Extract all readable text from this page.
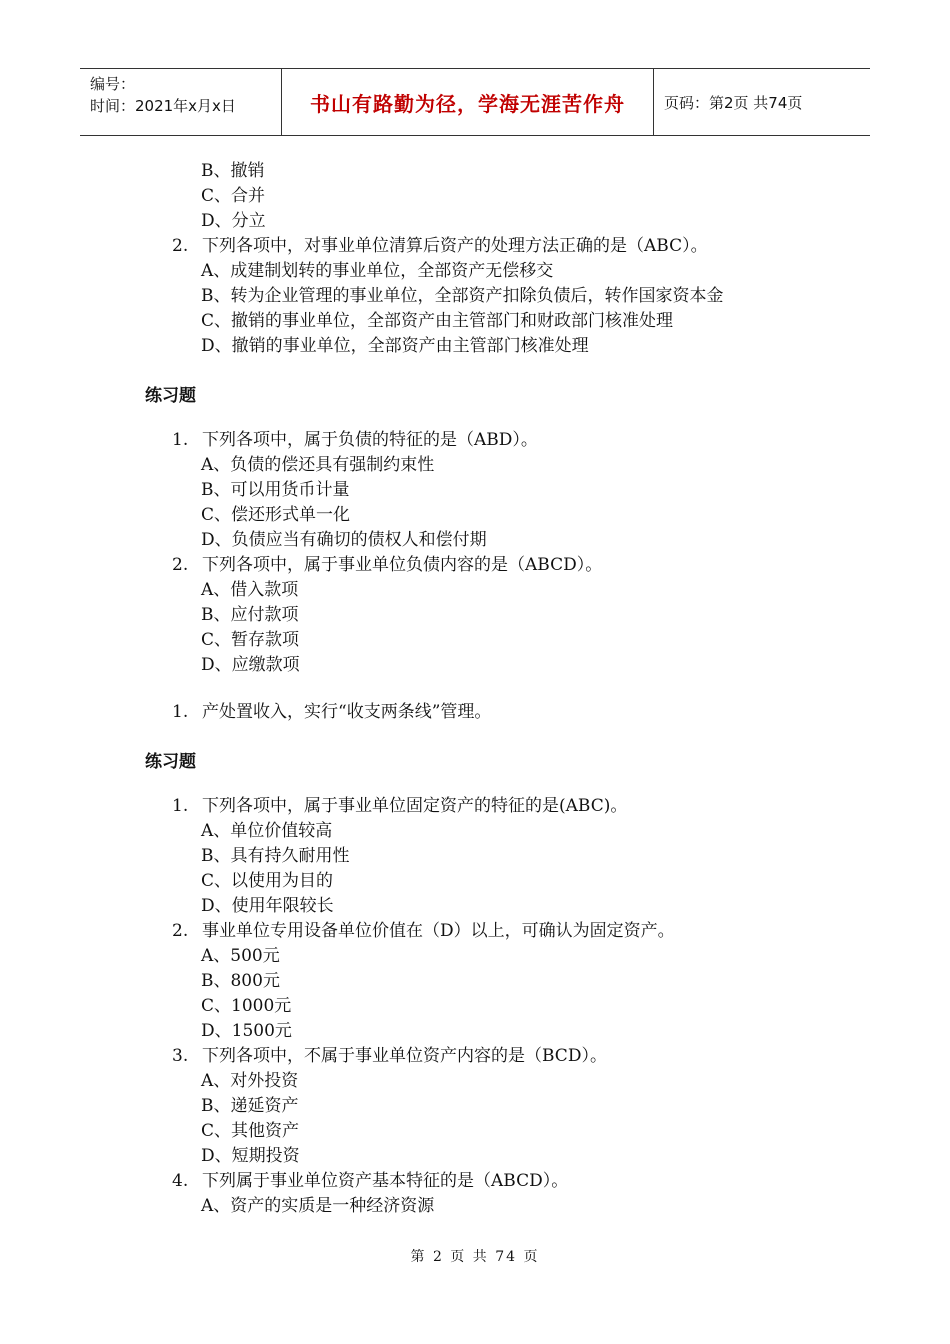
编号：
时间：2021年x月x日	书山有路勤为径，学海无涯苦作舟	页码：第2页 共74页
B、撤销
C、合并
D、分立
2. 下列各项中，对事业单位清算后资产的处理方法正确的是（ABC）。
A、成建制划转的事业单位，全部资产无偿移交
B、转为企业管理的事业单位，全部资产扣除负债后，转作国家资本金
C、撤销的事业单位，全部资产由主管部门和财政部门核准处理
D、撤销的事业单位，全部资产由主管部门核准处理
练习题
1. 下列各项中，属于负债的特征的是（ABD）。
A、负债的偿还具有强制约束性
B、可以用货币计量
C、偿还形式单一化
D、负债应当有确切的债权人和偿付期
2. 下列各项中，属于事业单位负债内容的是（ABCD）。
A、借入款项
B、应付款项
C、暂存款项
D、应缴款项
1. 产处置收入，实行“收支两条线”管理。
练习题
1. 下列各项中，属于事业单位固定资产的特征的是(ABC)。
A、单位价值较高
B、具有持久耐用性
C、以使用为目的
D、使用年限较长
2. 事业单位专用设备单位价值在（D）以上，可确认为固定资产。
A、500元
B、800元
C、1000元
D、1500元
3. 下列各项中，不属于事业单位资产内容的是（BCD）。
A、对外投资
B、递延资产
C、其他资产
D、短期投资
4. 下列属于事业单位资产基本特征的是（ABCD）。
A、资产的实质是一种经济资源
第 2 页 共 74 页
